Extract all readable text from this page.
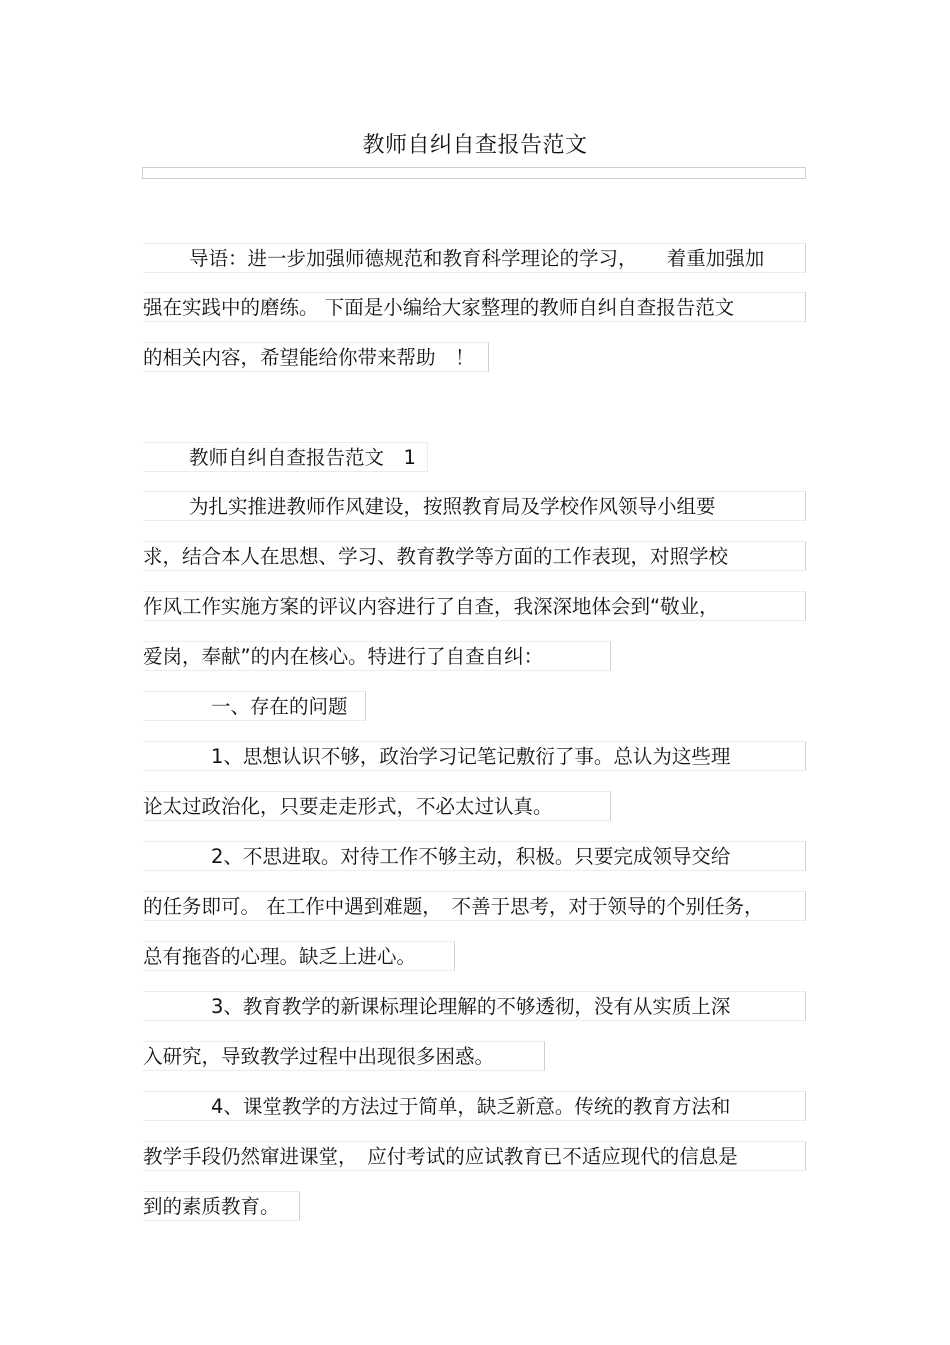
教师自纠自查报告范文
导语：进一步加强师德规范和教育科学理论的学习，　　着重加强加
强在实践中的磨练。 下面是小编给大家整理的教师自纠自查报告范文
的相关内容，希望能给你带来帮助　！
教师自纠自查报告范文　1
为扎实推进教师作风建设，按照教育局及学校作风领导小组要
求，结合本人在思想、学习、教育教学等方面的工作表现，对照学校
作风工作实施方案的评议内容进行了自查，我深深地体会到“敬业，
爱岗，奉献”的内在核心。特进行了自查自纠：
一、存在的问题
1、思想认识不够，政治学习记笔记敷衍了事。总认为这些理
论太过政治化，只要走走形式，不必太过认真。
2、不思进取。对待工作不够主动，积极。只要完成领导交给
的任务即可。 在工作中遇到难题，　不善于思考，对于领导的个别任务，
总有拖沓的心理。缺乏上进心。
3、教育教学的新课标理论理解的不够透彻，没有从实质上深
入研究，导致教学过程中出现很多困惑。
4、课堂教学的方法过于简单，缺乏新意。传统的教育方法和
教学手段仍然窜进课堂，　应付考试的应试教育已不适应现代的信息是
到的素质教育。
